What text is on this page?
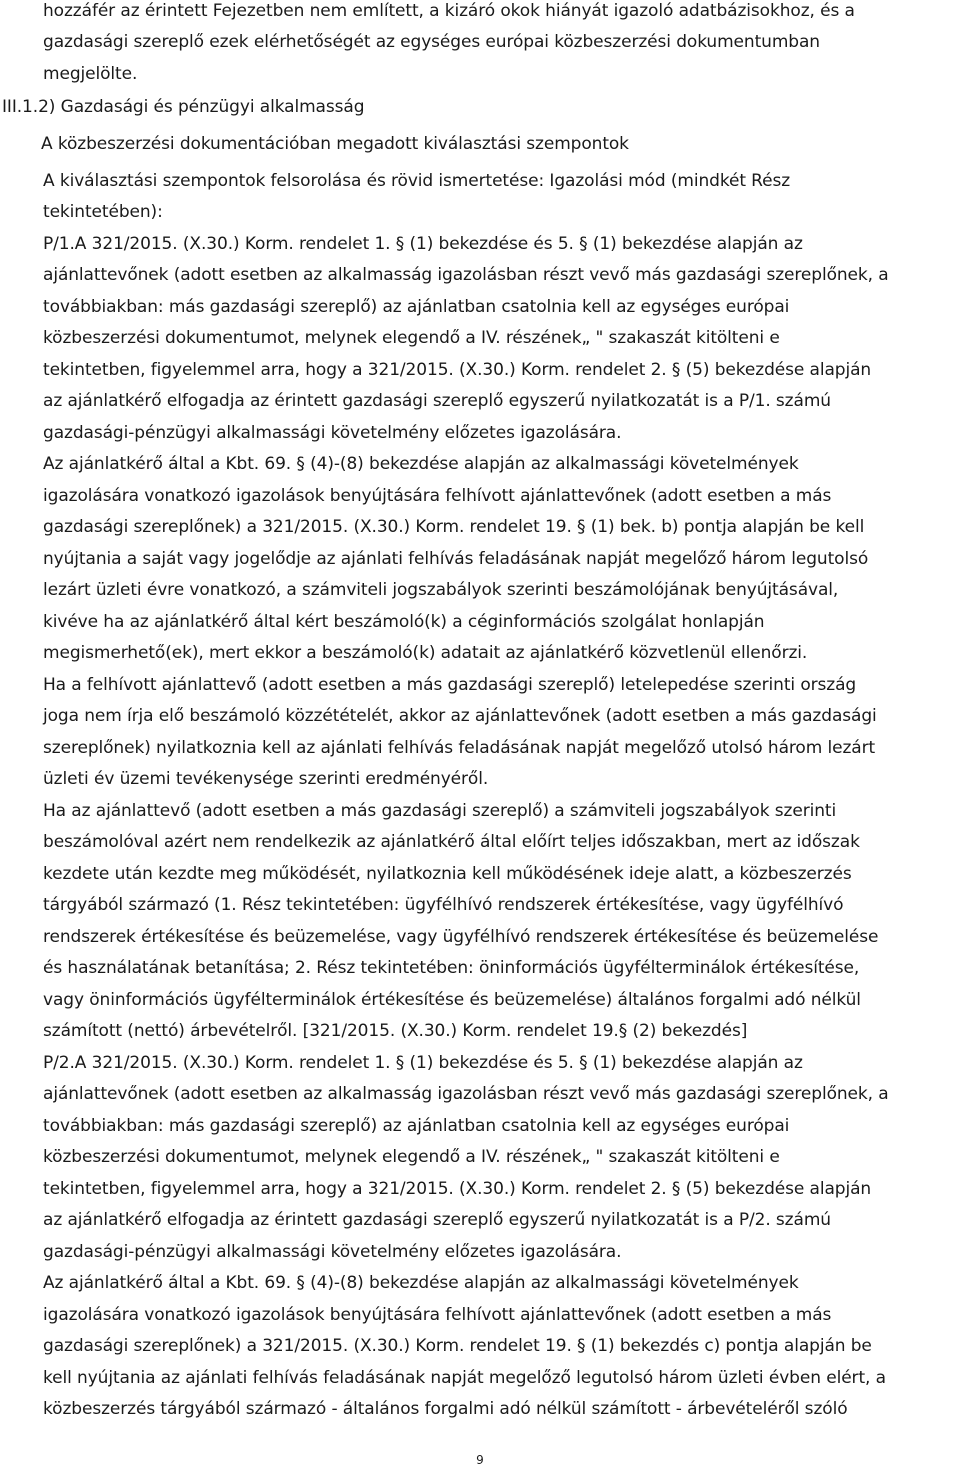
hozzáfér az érintett Fejezetben nem említett, a kizáró okok hiányát igazoló adatbázisokhoz, és a
gazdasági szereplő ezek elérhetőségét az egységes európai közbeszerzési dokumentumban
megjelölte.
III.1.2) Gazdasági és pénzügyi alkalmasság
A közbeszerzési dokumentációban megadott kiválasztási szempontok
A kiválasztási szempontok felsorolása és rövid ismertetése: Igazolási mód (mindkét Rész
tekintetében):
P/1.A 321/2015. (X.30.) Korm. rendelet 1. § (1) bekezdése és 5. § (1) bekezdése alapján az
ajánlattevőnek (adott esetben az alkalmasság igazolásban részt vevő más gazdasági szereplőnek, a
továbbiakban: más gazdasági szereplő) az ajánlatban csatolnia kell az egységes európai
közbeszerzési dokumentumot, melynek elegendő a IV. részének„ " szakaszát kitölteni e
tekintetben, figyelemmel arra, hogy a 321/2015. (X.30.) Korm. rendelet 2. § (5) bekezdése alapján
az ajánlatkérő elfogadja az érintett gazdasági szereplő egyszerű nyilatkozatát is a P/1. számú
gazdasági-pénzügyi alkalmassági követelmény előzetes igazolására.
Az ajánlatkérő által a Kbt. 69. § (4)-(8) bekezdése alapján az alkalmassági követelmények
igazolására vonatkozó igazolások benyújtására felhívott ajánlattevőnek (adott esetben a más
gazdasági szereplőnek) a 321/2015. (X.30.) Korm. rendelet 19. § (1) bek. b) pontja alapján be kell
nyújtania a saját vagy jogelődje az ajánlati felhívás feladásának napját megelőző három legutolsó
lezárt üzleti évre vonatkozó, a számviteli jogszabályok szerinti beszámolójának benyújtásával,
kivéve ha az ajánlatkérő által kért beszámoló(k) a céginformációs szolgálat honlapján
megismerhető(ek), mert ekkor a beszámoló(k) adatait az ajánlatkérő közvetlenül ellenőrzi.
Ha a felhívott ajánlattevő (adott esetben a más gazdasági szereplő) letelepedése szerinti ország
joga nem írja elő beszámoló közzétételét, akkor az ajánlattevőnek (adott esetben a más gazdasági
szereplőnek) nyilatkoznia kell az ajánlati felhívás feladásának napját megelőző utolsó három lezárt
üzleti év üzemi tevékenysége szerinti eredményéről.
Ha az ajánlattevő (adott esetben a más gazdasági szereplő) a számviteli jogszabályok szerinti
beszámolóval azért nem rendelkezik az ajánlatkérő által előírt teljes időszakban, mert az időszak
kezdete után kezdte meg működését, nyilatkoznia kell működésének ideje alatt, a közbeszerzés
tárgyából származó (1. Rész tekintetében: ügyfélhívó rendszerek értékesítése, vagy ügyfélhívó
rendszerek értékesítése és beüzemelése, vagy ügyfélhívó rendszerek értékesítése és beüzemelése
és használatának betanítása; 2. Rész tekintetében: öninformációs ügyfélterminálok értékesítése,
vagy öninformációs ügyfélterminálok értékesítése és beüzemelése) általános forgalmi adó nélkül
számított (nettó) árbevételről. [321/2015. (X.30.) Korm. rendelet 19.§ (2) bekezdés]
P/2.A 321/2015. (X.30.) Korm. rendelet 1. § (1) bekezdése és 5. § (1) bekezdése alapján az
ajánlattevőnek (adott esetben az alkalmasság igazolásban részt vevő más gazdasági szereplőnek, a
továbbiakban: más gazdasági szereplő) az ajánlatban csatolnia kell az egységes európai
közbeszerzési dokumentumot, melynek elegendő a IV. részének„ " szakaszát kitölteni e
tekintetben, figyelemmel arra, hogy a 321/2015. (X.30.) Korm. rendelet 2. § (5) bekezdése alapján
az ajánlatkérő elfogadja az érintett gazdasági szereplő egyszerű nyilatkozatát is a P/2. számú
gazdasági-pénzügyi alkalmassági követelmény előzetes igazolására.
Az ajánlatkérő által a Kbt. 69. § (4)-(8) bekezdése alapján az alkalmassági követelmények
igazolására vonatkozó igazolások benyújtására felhívott ajánlattevőnek (adott esetben a más
gazdasági szereplőnek) a 321/2015. (X.30.) Korm. rendelet 19. § (1) bekezdés c) pontja alapján be
kell nyújtania az ajánlati felhívás feladásának napját megelőző legutolsó három üzleti évben elért, a
közbeszerzés tárgyából származó - általános forgalmi adó nélkül számított - árbevételéről szóló
9
